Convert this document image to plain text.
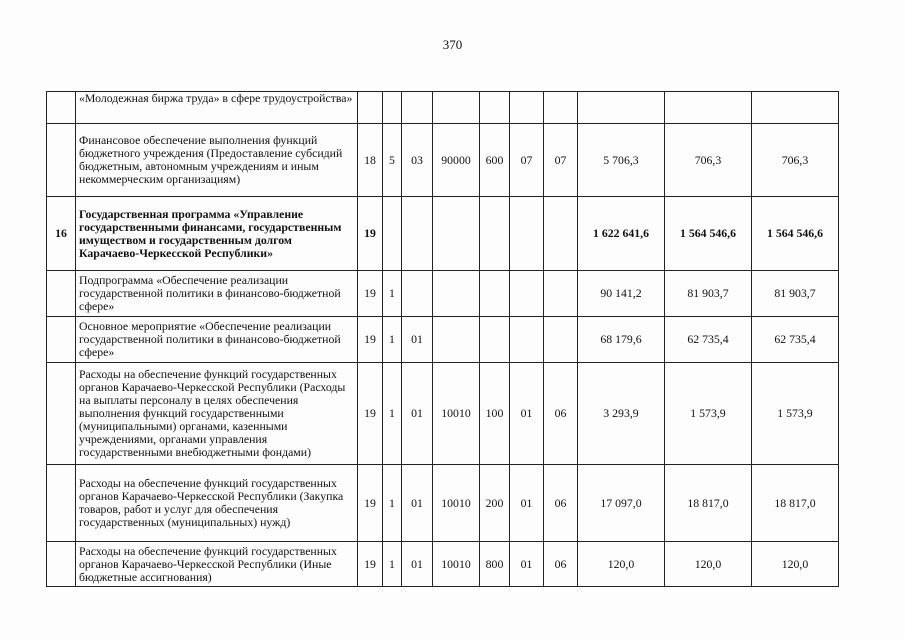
370
	«Молодежная биржа труда» в сфере трудоустройства»										
	Финансовое обеспечение выполнения функций бюджетного учреждения (Предоставление субсидий бюджетным, автономным учреждениям и иным некоммерческим организациям)	18	5	03	90000	600	07	07	5 706,3	706,3	706,3
16	Государственная программа «Управление государственными финансами, государственным имуществом и государственным долгом Карачаево-Черкесской Республики»	19							1 622 641,6	1 564 546,6	1 564 546,6
	Подпрограмма «Обеспечение реализации государственной политики в финансово-бюджетной сфере»	19	1						90 141,2	81 903,7	81 903,7
	Основное мероприятие «Обеспечение реализации государственной политики в финансово-бюджетной сфере»	19	1	01					68 179,6	62 735,4	62 735,4
	Расходы на обеспечение функций государственных органов Карачаево-Черкесской Республики (Расходы на выплаты персоналу в целях обеспечения выполнения функций государственными (муниципальными) органами, казенными учреждениями, органами управления государственными внебюджетными фондами)	19	1	01	10010	100	01	06	3 293,9	1 573,9	1 573,9
	Расходы на обеспечение функций государственных органов Карачаево-Черкесской Республики (Закупка товаров, работ и услуг для обеспечения государственных (муниципальных) нужд)	19	1	01	10010	200	01	06	17 097,0	18 817,0	18 817,0
	Расходы на обеспечение функций государственных органов Карачаево-Черкесской Республики (Иные бюджетные ассигнования)	19	1	01	10010	800	01	06	120,0	120,0	120,0
